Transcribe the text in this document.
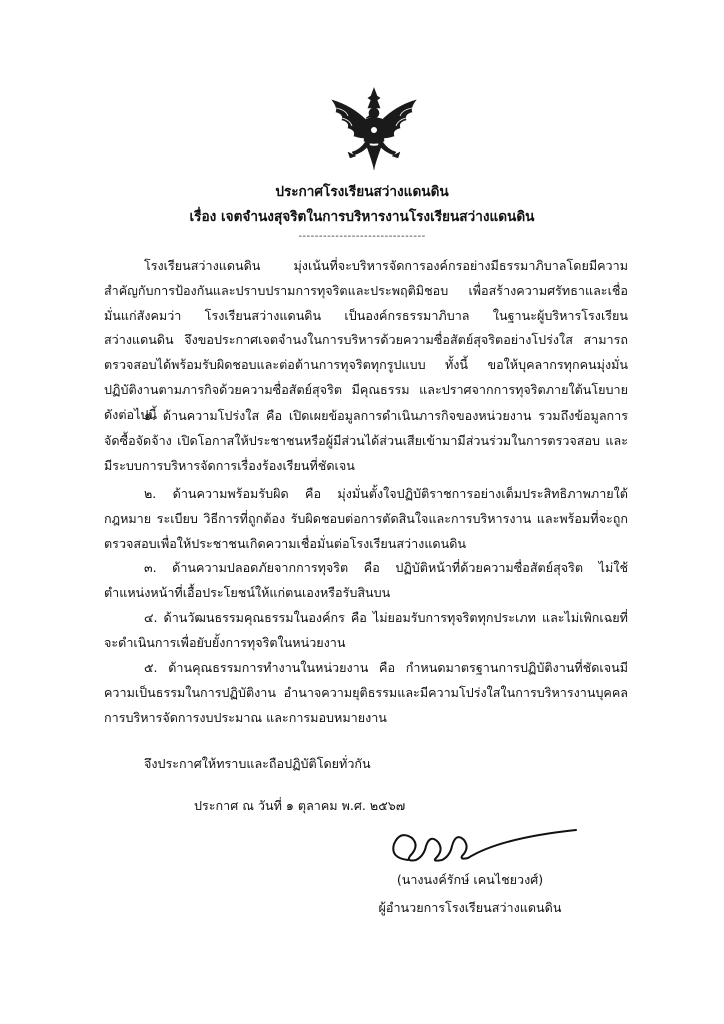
ประกาศโรงเรียนสว่างแดนดิน
เรื่อง เจตจำนงสุจริตในการบริหารงานโรงเรียนสว่างแดนดิน
-------------------------------

โรงเรียนสว่างแดนดิน มุ่งเน้นที่จะบริหารจัดการองค์กรอย่างมีธรรมาภิบาลโดยมีความสำคัญกับการป้องกันและปราบปรามการทุจริตและประพฤติมิชอบ เพื่อสร้างความศรัทธาและเชื่อมั่นแก่สังคมว่า โรงเรียนสว่างแดนดิน เป็นองค์กรธรรมาภิบาล ในฐานะผู้บริหารโรงเรียนสว่างแดนดิน จึงขอประกาศเจตจำนงในการบริหารด้วยความซื่อสัตย์สุจริตอย่างโปร่งใส สามารถตรวจสอบได้พร้อมรับผิดชอบและต่อต้านการทุจริตทุกรูปแบบ ทั้งนี้ ขอให้บุคลากรทุกคนมุ่งมั่นปฏิบัติงานตามภารกิจด้วยความซื่อสัตย์สุจริต มีคุณธรรม และปราศจากการทุจริตภายใต้นโยบาย ดังต่อไปนี้

๑. ด้านความโปร่งใส คือ เปิดเผยข้อมูลการดำเนินภารกิจของหน่วยงาน รวมถึงข้อมูลการจัดซื้อจัดจ้าง เปิดโอกาสให้ประชาชนหรือผู้มีส่วนได้ส่วนเสียเข้ามามีส่วนร่วมในการตรวจสอบ และมีระบบการบริหารจัดการเรื่องร้องเรียนที่ชัดเจน

๒. ด้านความพร้อมรับผิด คือ มุ่งมั่นตั้งใจปฏิบัติราชการอย่างเต็มประสิทธิภาพภายใต้กฎหมาย ระเบียบ วิธีการที่ถูกต้อง รับผิดชอบต่อการตัดสินใจและการบริหารงาน และพร้อมที่จะถูกตรวจสอบเพื่อให้ประชาชนเกิดความเชื่อมั่นต่อโรงเรียนสว่างแดนดิน

๓. ด้านความปลอดภัยจากการทุจริต คือ ปฏิบัติหน้าที่ด้วยความซื่อสัตย์สุจริต ไม่ใช้ตำแหน่งหน้าที่เอื้อประโยชน์ให้แก่ตนเองหรือรับสินบน

๔. ด้านวัฒนธรรมคุณธรรมในองค์กร คือ ไม่ยอมรับการทุจริตทุกประเภท และไม่เพิกเฉยที่จะดำเนินการเพื่อยับยั้งการทุจริตในหน่วยงาน

๕. ด้านคุณธรรมการทำงานในหน่วยงาน คือ กำหนดมาตรฐานการปฏิบัติงานที่ชัดเจนมีความเป็นธรรมในการปฏิบัติงาน อำนาจความยุติธรรมและมีความโปร่งใสในการบริหารงานบุคคล การบริหารจัดการงบประมาณ และการมอบหมายงาน

จึงประกาศให้ทราบและถือปฏิบัติโดยทั่วกัน
ประกาศ ณ วันที่ ๑ ตุลาคม พ.ศ. ๒๕๖๗
(นางนงค์รักษ์ เคนไชยวงศ์)
ผู้อำนวยการโรงเรียนสว่างแดนดิน
